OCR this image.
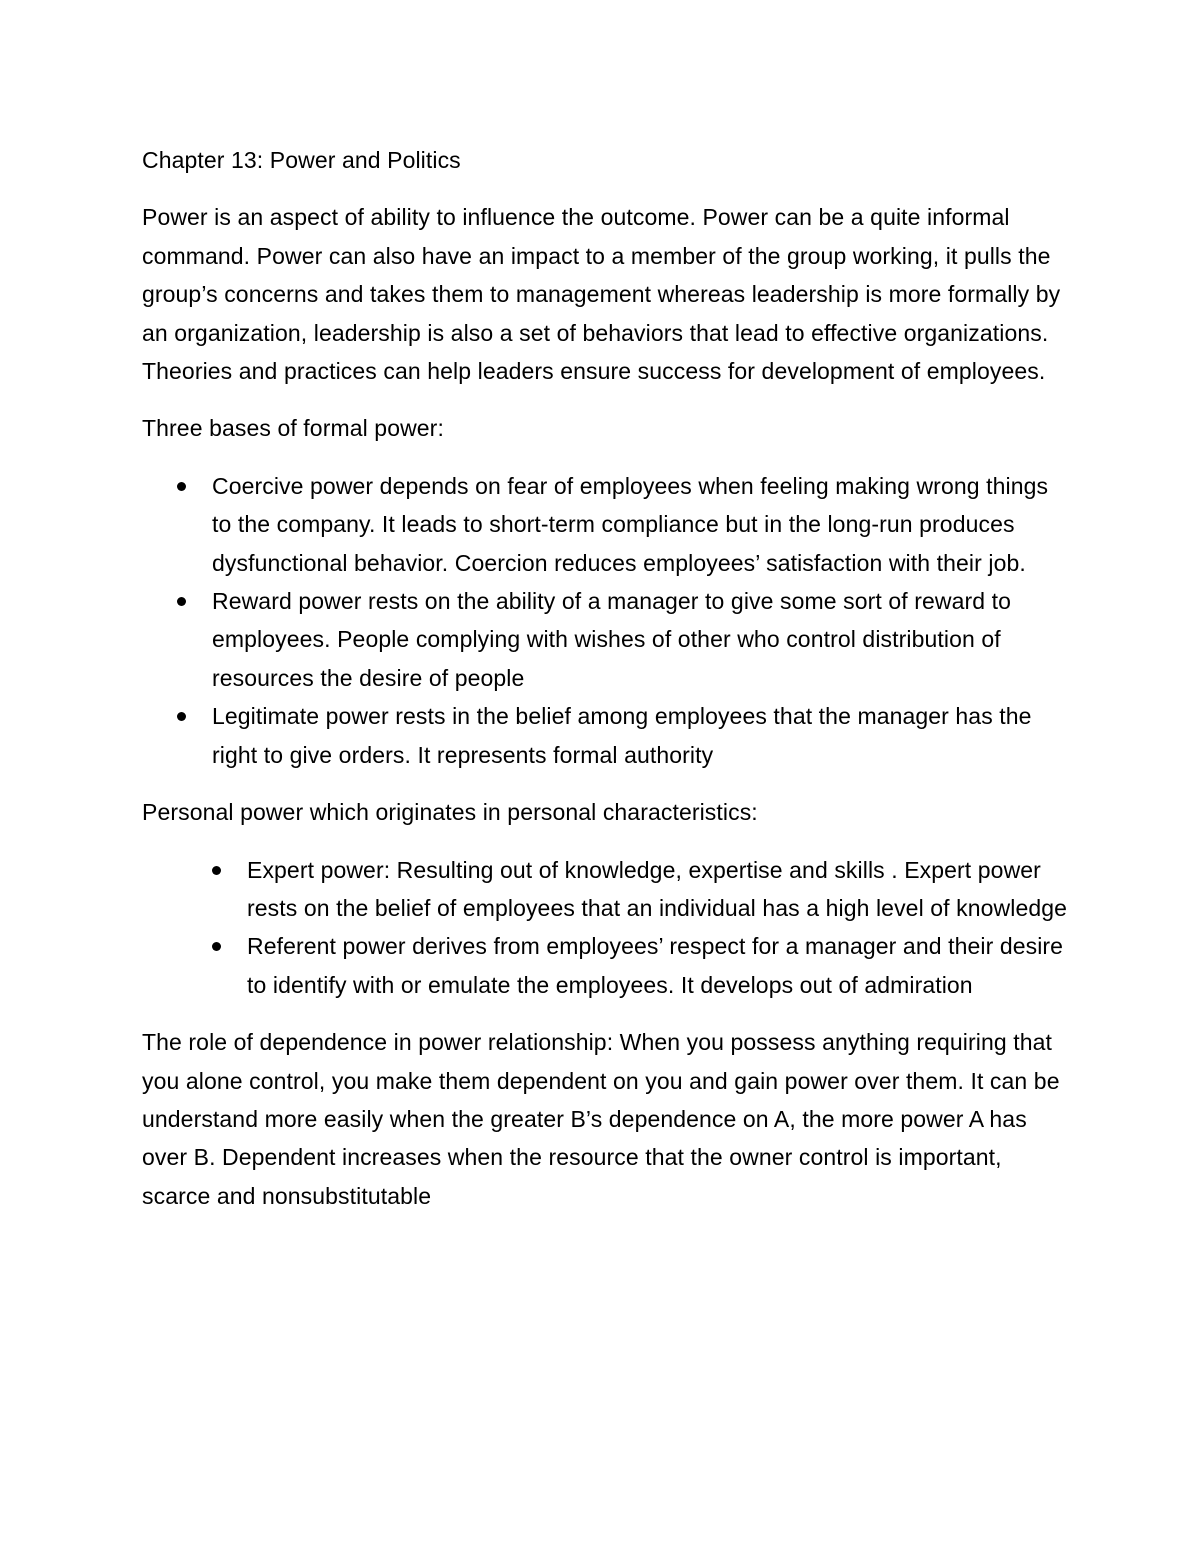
Chapter 13: Power and Politics

Power is an aspect of ability to influence the outcome. Power can be a quite informal command. Power can also have an impact to a member of the group working, it pulls the group’s concerns and takes them to management whereas leadership is more formally by an organization, leadership is also a set of behaviors that lead to effective organizations. Theories and practices can help leaders ensure success for development of employees.

Three bases of formal power:
Coercive power depends on fear of employees when feeling making wrong things to the company. It leads to short-term compliance but in the long-run produces dysfunctional behavior. Coercion reduces employees’ satisfaction with their job.
Reward power rests on the ability of a manager to give some sort of reward to employees. People complying with wishes of other who control distribution of resources the desire of people
Legitimate power rests in the belief among employees that the manager has the right to give orders. It represents formal authority
Personal power which originates in personal characteristics:
Expert power: Resulting out of knowledge, expertise and skills . Expert power rests on the belief of employees that an individual has a high level of knowledge
Referent power derives from employees’ respect for a manager and their desire to identify with or emulate the employees. It develops out of admiration

The role of dependence in power relationship: When you possess anything requiring that you alone control, you make them dependent on you and gain power over them. It can be understand more easily when the greater B’s dependence on A, the more power A has over B. Dependent increases when the resource that the owner control is important, scarce and nonsubstitutable
